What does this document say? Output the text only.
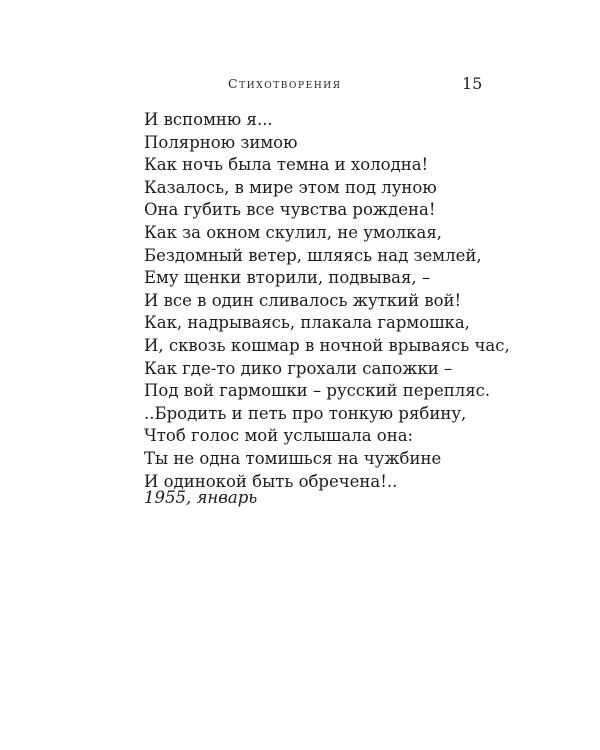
Стихотворения	15
И вспомню я...
Полярною зимою
Как ночь была темна и холодна!
Казалось, в мире этом под луною
Она губить все чувства рождена!
Как за окном скулил, не умолкая,
Бездомный ветер, шляясь над землей,
Ему щенки вторили, подвывая, –
И все в один сливалось жуткий вой!
Как, надрываясь, плакала гармошка,
И, сквозь кошмар в ночной врываясь час,
Как где-то дико грохали сапожки –
Под вой гармошки – русский перепляс.
..Бродить и петь про тонкую рябину,
Чтоб голос мой услышала она:
Ты не одна томишься на чужбине
И одинокой быть обречена!..
1955, январь
